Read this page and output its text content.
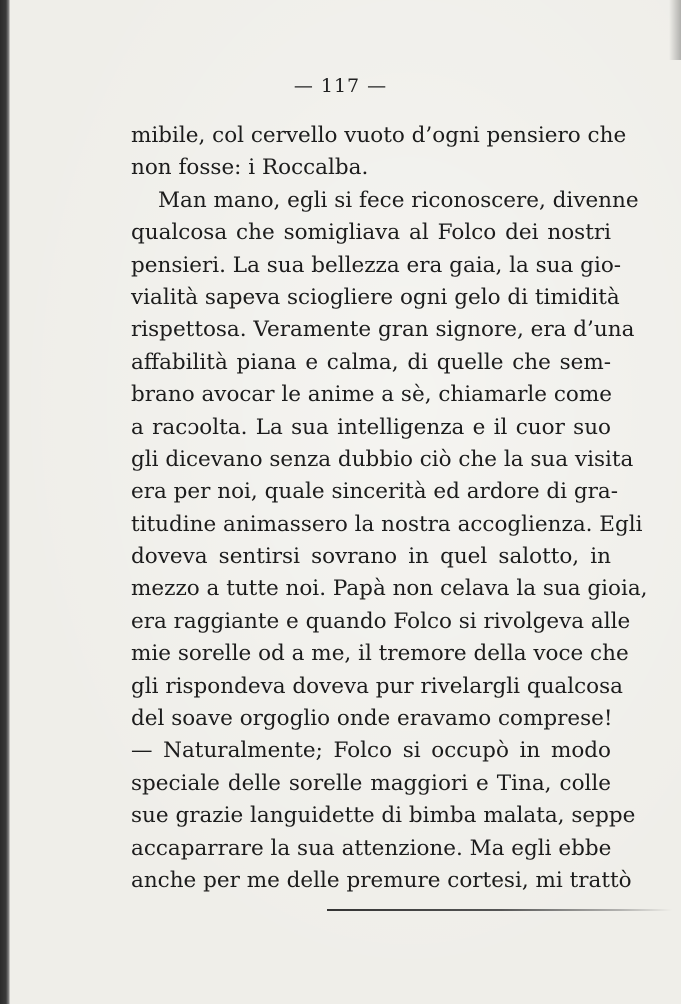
— 117 —
mibile, col cervello vuoto d’ogni pensiero che
non fosse: i Roccalba.
Man mano, egli si fece riconoscere, divenne
qualcosa che somigliava al Folco dei nostri
pensieri. La sua bellezza era gaia, la sua gio-
vialità sapeva sciogliere ogni gelo di timidità
rispettosa. Veramente gran signore, era d’una
affabilità piana e calma, di quelle che sem-
brano avocar le anime a sè, chiamarle come
a racɔolta. La sua intelligenza e il cuor suo
gli dicevano senza dubbio ciò che la sua visita
era per noi, quale sincerità ed ardore di gra-
titudine animassero la nostra accoglienza. Egli
doveva sentirsi sovrano in quel salotto, in
mezzo a tutte noi. Papà non celava la sua gioia,
era raggiante e quando Folco si rivolgeva alle
mie sorelle od a me, il tremore della voce che
gli rispondeva doveva pur rivelargli qualcosa
del soave orgoglio onde eravamo comprese!
— Naturalmente; Folco si occupò in modo
speciale delle sorelle maggiori e Tina, colle
sue grazie languidette di bimba malata, seppe
accaparrare la sua attenzione. Ma egli ebbe
anche per me delle premure cortesi, mi trattò
